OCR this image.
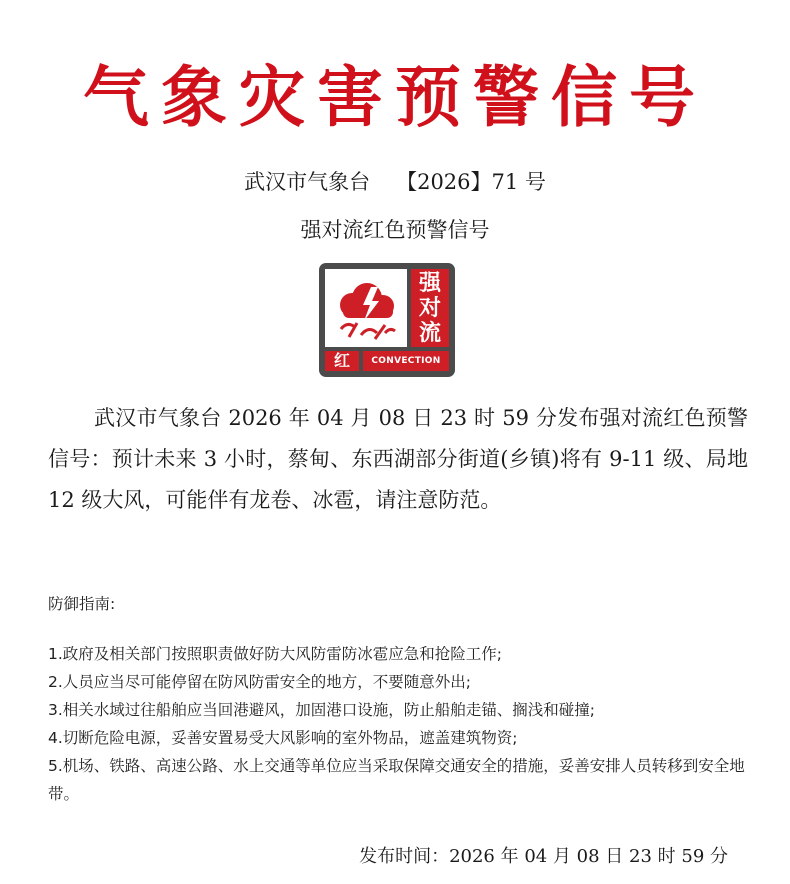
气象灾害预警信号
武汉市气象台 【2026】71 号
强对流红色预警信号
强对流
红	CONVECTION

武汉市气象台 2026 年 04 月 08 日 23 时 59 分发布强对流红色预警信号：预计未来 3 小时，蔡甸、东西湖部分街道(乡镇)将有 9-11 级、局地 12 级大风，可能伴有龙卷、冰雹，请注意防范。

防御指南:
1.政府及相关部门按照职责做好防大风防雷防冰雹应急和抢险工作;
2.人员应当尽可能停留在防风防雷安全的地方，不要随意外出;
3.相关水域过往船舶应当回港避风，加固港口设施，防止船舶走锚、搁浅和碰撞;
4.切断危险电源，妥善安置易受大风影响的室外物品，遮盖建筑物资;
5.机场、铁路、高速公路、水上交通等单位应当采取保障交通安全的措施，妥善安排人员转移到安全地带。
发布时间：2026 年 04 月 08 日 23 时 59 分
